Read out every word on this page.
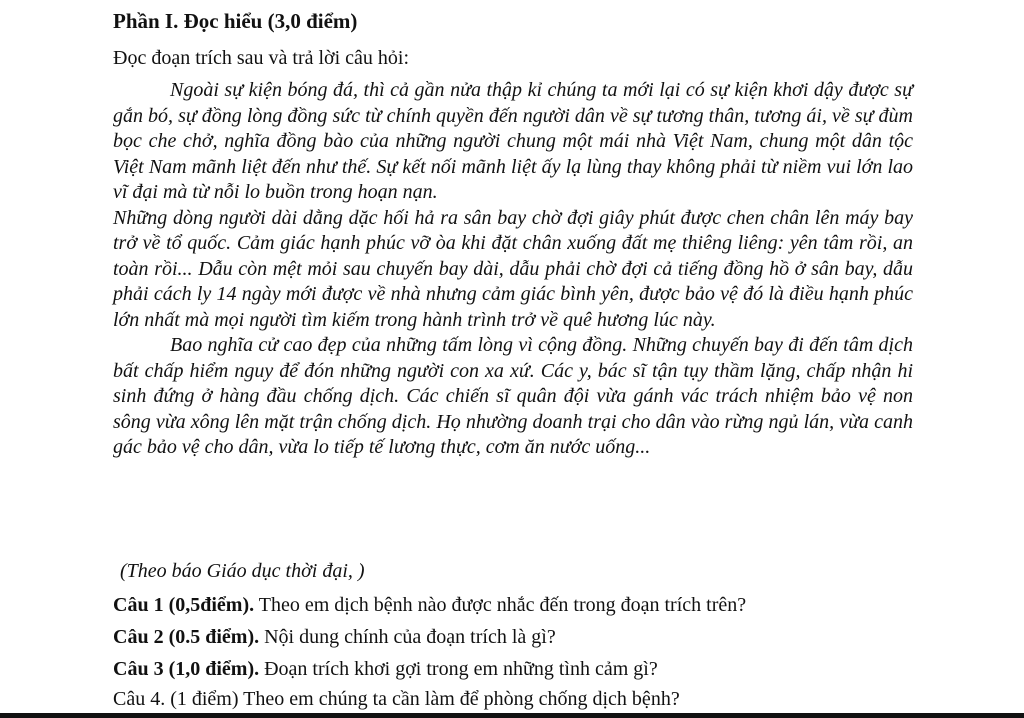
Phần I. Đọc hiểu (3,0 điểm)
Đọc đoạn trích sau và trả lời câu hỏi:

Ngoài sự kiện bóng đá, thì cả gần nửa thập kỉ chúng ta mới lại có sự kiện khơi dậy được sự gắn bó, sự đồng lòng đồng sức từ chính quyền đến người dân về sự tương thân, tương ái, về sự đùm bọc che chở, nghĩa đồng bào của những người chung một mái nhà Việt Nam, chung một dân tộc Việt Nam mãnh liệt đến như thế. Sự kết nối mãnh liệt ấy lạ lùng thay không phải từ niềm vui lớn lao vĩ đại mà từ nỗi lo buồn trong hoạn nạn.

Những dòng người dài dằng dặc hối hả ra sân bay chờ đợi giây phút được chen chân lên máy bay trở về tổ quốc. Cảm giác hạnh phúc vỡ òa khi đặt chân xuống đất mẹ thiêng liêng: yên tâm rồi, an toàn rồi... Dẫu còn mệt mỏi sau chuyến bay dài, dẫu phải chờ đợi cả tiếng đồng hồ ở sân bay, dẫu phải cách ly 14 ngày mới được về nhà nhưng cảm giác bình yên, được bảo vệ đó là điều hạnh phúc lớn nhất mà mọi người tìm kiếm trong hành trình trở về quê hương lúc này.

Bao nghĩa cử cao đẹp của những tấm lòng vì cộng đồng. Những chuyến bay đi đến tâm dịch bất chấp hiểm nguy để đón những người con xa xứ. Các y, bác sĩ tận tụy thầm lặng, chấp nhận hi sinh đứng ở hàng đầu chống dịch. Các chiến sĩ quân đội vừa gánh vác trách nhiệm bảo vệ non sông vừa xông lên mặt trận chống dịch. Họ nhường doanh trại cho dân vào rừng ngủ lán, vừa canh gác bảo vệ cho dân, vừa lo tiếp tế lương thực, cơm ăn nước uống...

(Theo báo Giáo dục thời đại, )
Câu 1 (0,5điểm). Theo em dịch bệnh nào được nhắc đến trong đoạn trích trên?
Câu 2 (0.5 điểm). Nội dung chính của đoạn trích là gì?
Câu 3 (1,0 điểm). Đoạn trích khơi gợi trong em những tình cảm gì?
Câu 4. (1 điểm) Theo em chúng ta cần làm để phòng chống dịch bệnh?
